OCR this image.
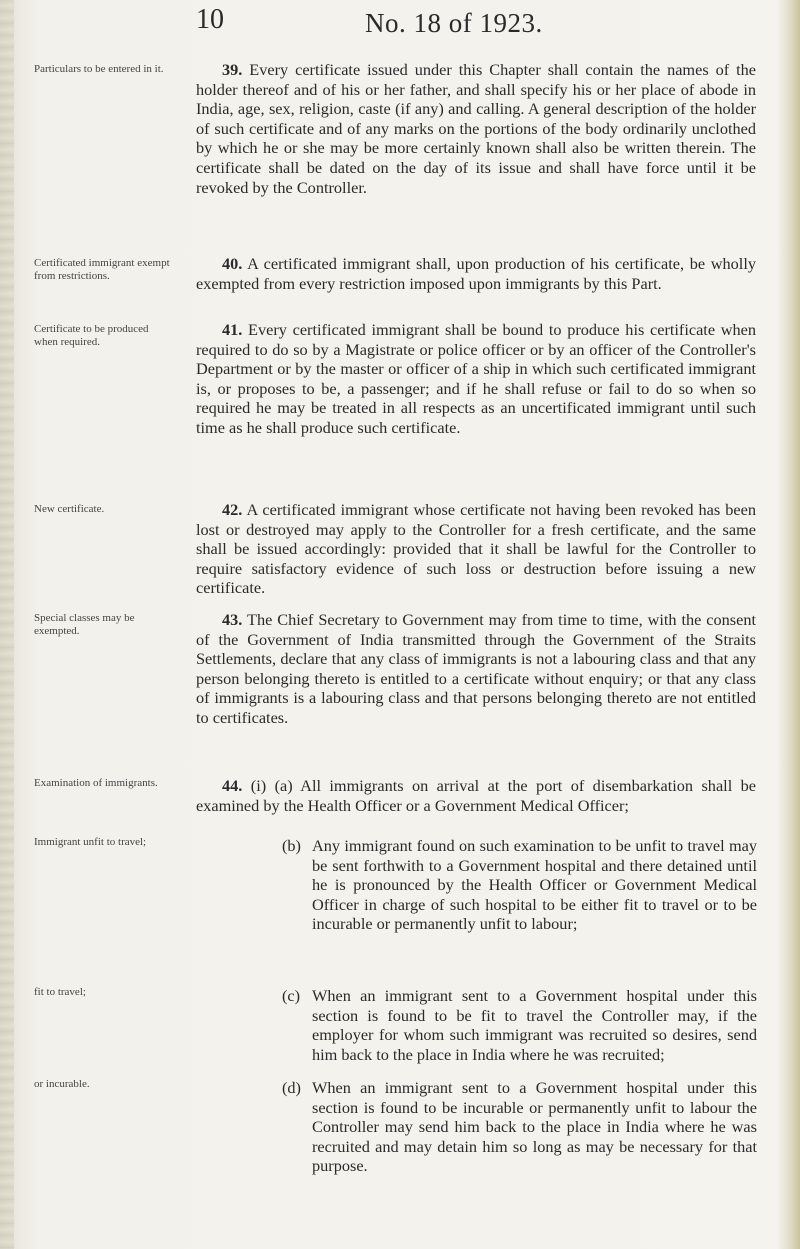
10	No. 18 of 1923.
Particulars to be entered in it.
Certificated immigrant exempt from restrictions.
Certificate to be produced when required.
New certificate.
Special classes may be exempted.
Examination of immigrants.
Immigrant unfit to travel;
fit to travel;
or incurable.
39. Every certificate issued under this Chapter shall contain the names of the holder thereof and of his or her father, and shall specify his or her place of abode in India, age, sex, religion, caste (if any) and calling. A general description of the holder of such certificate and of any marks on the portions of the body ordinarily unclothed by which he or she may be more certainly known shall also be written therein. The certificate shall be dated on the day of its issue and shall have force until it be revoked by the Controller.
40. A certificated immigrant shall, upon production of his certificate, be wholly exempted from every restriction imposed upon immigrants by this Part.
41. Every certificated immigrant shall be bound to produce his certificate when required to do so by a Magistrate or police officer or by an officer of the Controller's Department or by the master or officer of a ship in which such certificated immigrant is, or proposes to be, a passenger; and if he shall refuse or fail to do so when so required he may be treated in all respects as an uncertificated immigrant until such time as he shall produce such certificate.
42. A certificated immigrant whose certificate not having been revoked has been lost or destroyed may apply to the Controller for a fresh certificate, and the same shall be issued accordingly: provided that it shall be lawful for the Controller to require satisfactory evidence of such loss or destruction before issuing a new certificate.
43. The Chief Secretary to Government may from time to time, with the consent of the Government of India transmitted through the Government of the Straits Settlements, declare that any class of immigrants is not a labouring class and that any person belonging thereto is entitled to a certificate without enquiry; or that any class of immigrants is a labouring class and that persons belonging thereto are not entitled to certificates.
44. (i) (a) All immigrants on arrival at the port of disembarkation shall be examined by the Health Officer or a Government Medical Officer;
(b) Any immigrant found on such examination to be unfit to travel may be sent forthwith to a Government hospital and there detained until he is pronounced by the Health Officer or Government Medical Officer in charge of such hospital to be either fit to travel or to be incurable or permanently unfit to labour;
(c) When an immigrant sent to a Government hospital under this section is found to be fit to travel the Controller may, if the employer for whom such immigrant was recruited so desires, send him back to the place in India where he was recruited;
(d) When an immigrant sent to a Government hospital under this section is found to be incurable or permanently unfit to labour the Controller may send him back to the place in India where he was recruited and may detain him so long as may be necessary for that purpose.
